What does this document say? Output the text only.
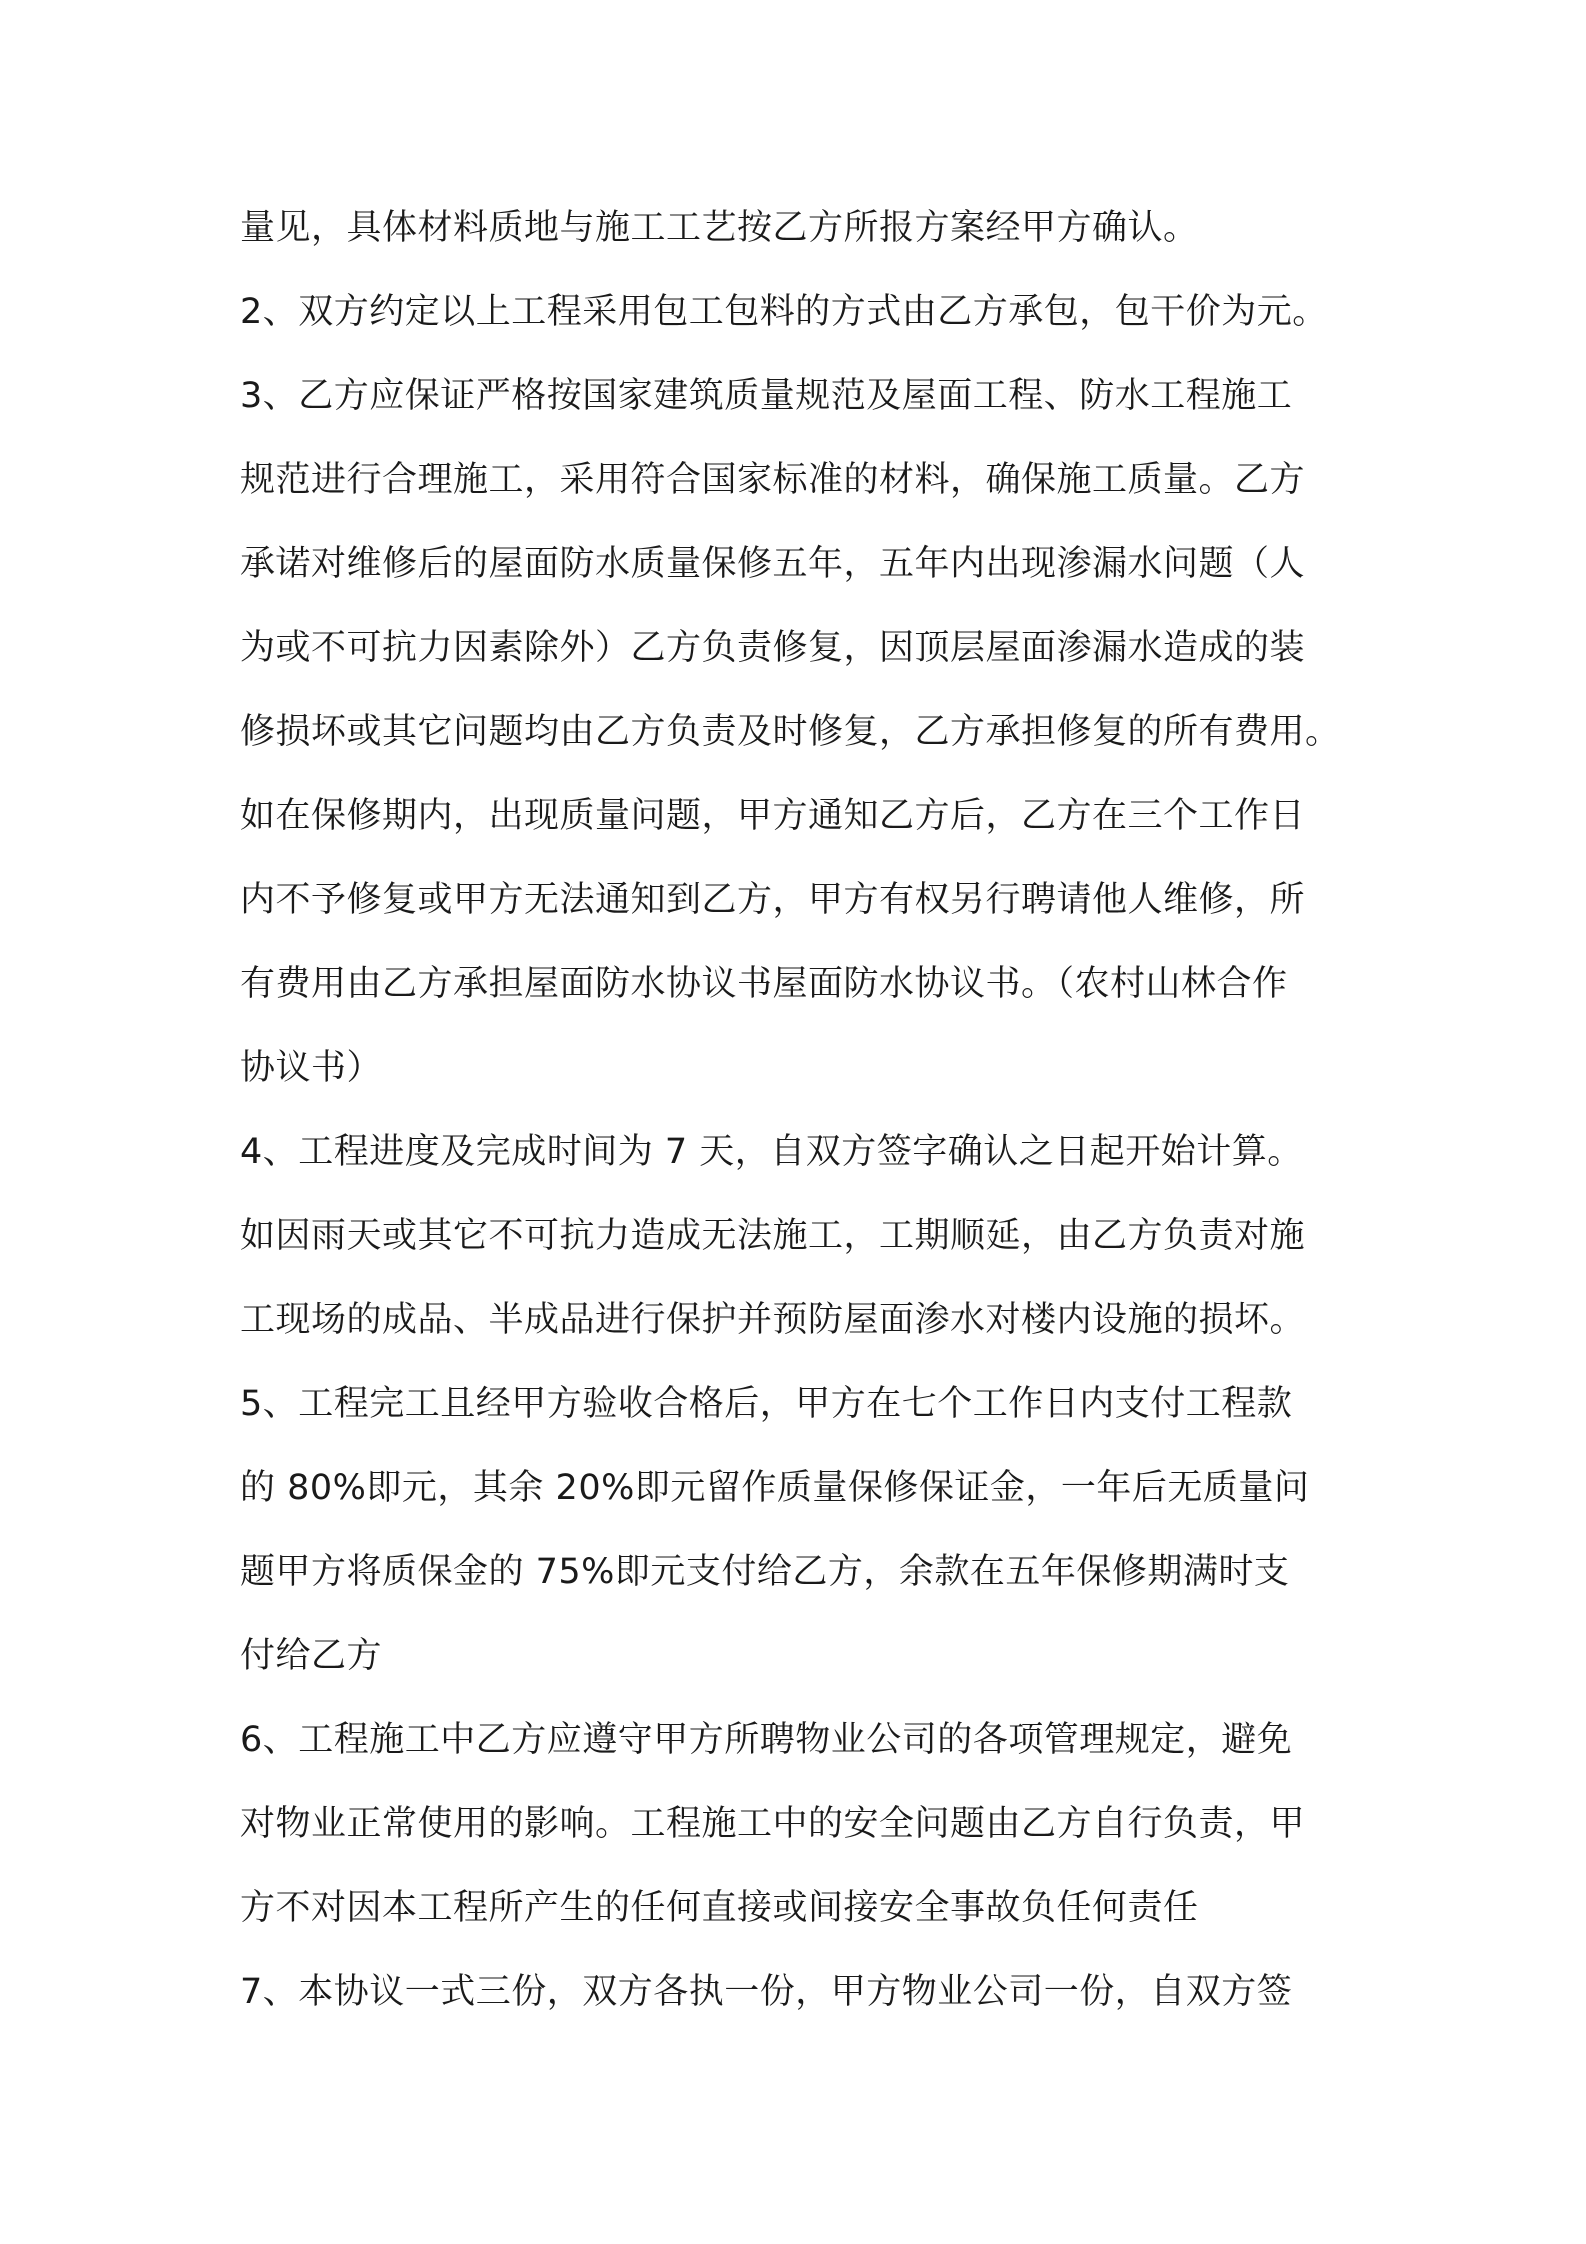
量见，具体材料质地与施工工艺按乙方所报方案经甲方确认。
2、双方约定以上工程采用包工包料的方式由乙方承包，包干价为元。
3、乙方应保证严格按国家建筑质量规范及屋面工程、防水工程施工
规范进行合理施工，采用符合国家标准的材料，确保施工质量。乙方
承诺对维修后的屋面防水质量保修五年，五年内出现渗漏水问题（人
为或不可抗力因素除外）乙方负责修复，因顶层屋面渗漏水造成的装
修损坏或其它问题均由乙方负责及时修复，乙方承担修复的所有费用。
如在保修期内，出现质量问题，甲方通知乙方后，乙方在三个工作日
内不予修复或甲方无法通知到乙方，甲方有权另行聘请他人维修，所
有费用由乙方承担屋面防水协议书屋面防水协议书。（农村山林合作
协议书）
4、工程进度及完成时间为 7 天，自双方签字确认之日起开始计算。
如因雨天或其它不可抗力造成无法施工，工期顺延，由乙方负责对施
工现场的成品、半成品进行保护并预防屋面渗水对楼内设施的损坏。
5、工程完工且经甲方验收合格后，甲方在七个工作日内支付工程款
的 80%即元，其余 20%即元留作质量保修保证金，一年后无质量问
题甲方将质保金的 75%即元支付给乙方，余款在五年保修期满时支
付给乙方
6、工程施工中乙方应遵守甲方所聘物业公司的各项管理规定，避免
对物业正常使用的影响。工程施工中的安全问题由乙方自行负责，甲
方不对因本工程所产生的任何直接或间接安全事故负任何责任
7、本协议一式三份，双方各执一份，甲方物业公司一份，自双方签
